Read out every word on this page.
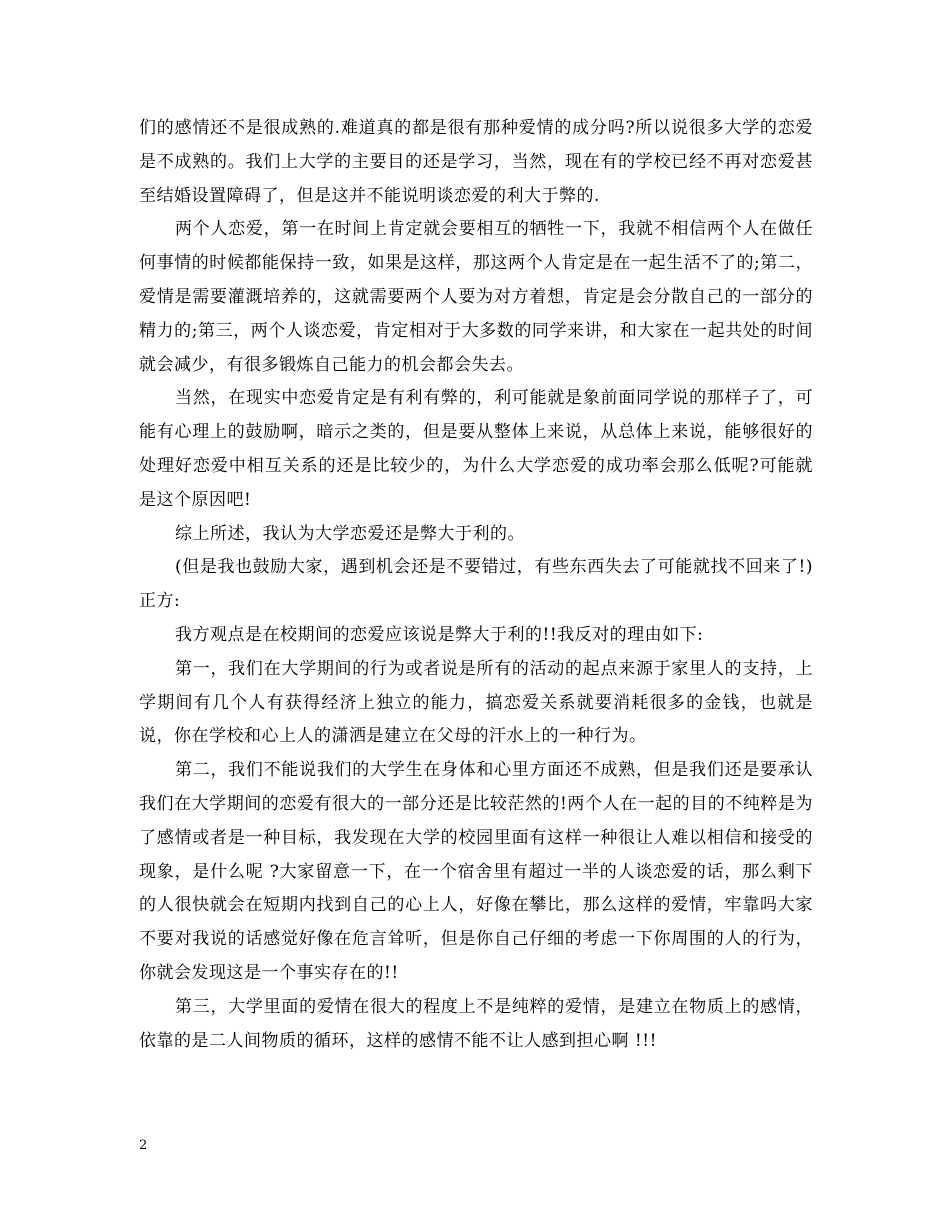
们的感情还不是很成熟的.难道真的都是很有那种爱情的成分吗?所以说很多大学的恋爱是不成熟的。我们上大学的主要目的还是学习，当然，现在有的学校已经不再对恋爱甚至结婚设置障碍了，但是这并不能说明谈恋爱的利大于弊的.

两个人恋爱，第一在时间上肯定就会要相互的牺牲一下，我就不相信两个人在做任何事情的时候都能保持一致，如果是这样，那这两个人肯定是在一起生活不了的;第二，爱情是需要灌溉培养的，这就需要两个人要为对方着想，肯定是会分散自己的一部分的精力的;第三，两个人谈恋爱，肯定相对于大多数的同学来讲，和大家在一起共处的时间就会减少，有很多锻炼自己能力的机会都会失去。

当然，在现实中恋爱肯定是有利有弊的，利可能就是象前面同学说的那样子了，可能有心理上的鼓励啊，暗示之类的，但是要从整体上来说，从总体上来说，能够很好的处理好恋爱中相互关系的还是比较少的，为什么大学恋爱的成功率会那么低呢?可能就是这个原因吧!

综上所述，我认为大学恋爱还是弊大于利的。

(但是我也鼓励大家，遇到机会还是不要错过，有些东西失去了可能就找不回来了!)正方:

我方观点是在校期间的恋爱应该说是弊大于利的!!我反对的理由如下:

第一，我们在大学期间的行为或者说是所有的活动的起点来源于家里人的支持，上学期间有几个人有获得经济上独立的能力，搞恋爱关系就要消耗很多的金钱，也就是说，你在学校和心上人的潇洒是建立在父母的汗水上的一种行为。

第二，我们不能说我们的大学生在身体和心里方面还不成熟，但是我们还是要承认我们在大学期间的恋爱有很大的一部分还是比较茫然的!两个人在一起的目的不纯粹是为了感情或者是一种目标，我发现在大学的校园里面有这样一种很让人难以相信和接受的现象，是什么呢 ?大家留意一下，在一个宿舍里有超过一半的人谈恋爱的话，那么剩下的人很快就会在短期内找到自己的心上人，好像在攀比，那么这样的爱情，牢靠吗大家不要对我说的话感觉好像在危言耸听，但是你自己仔细的考虑一下你周围的人的行为，你就会发现这是一个事实存在的!!

第三，大学里面的爱情在很大的程度上不是纯粹的爱情，是建立在物质上的感情，依靠的是二人间物质的循环，这样的感情不能不让人感到担心啊 !!!

2
